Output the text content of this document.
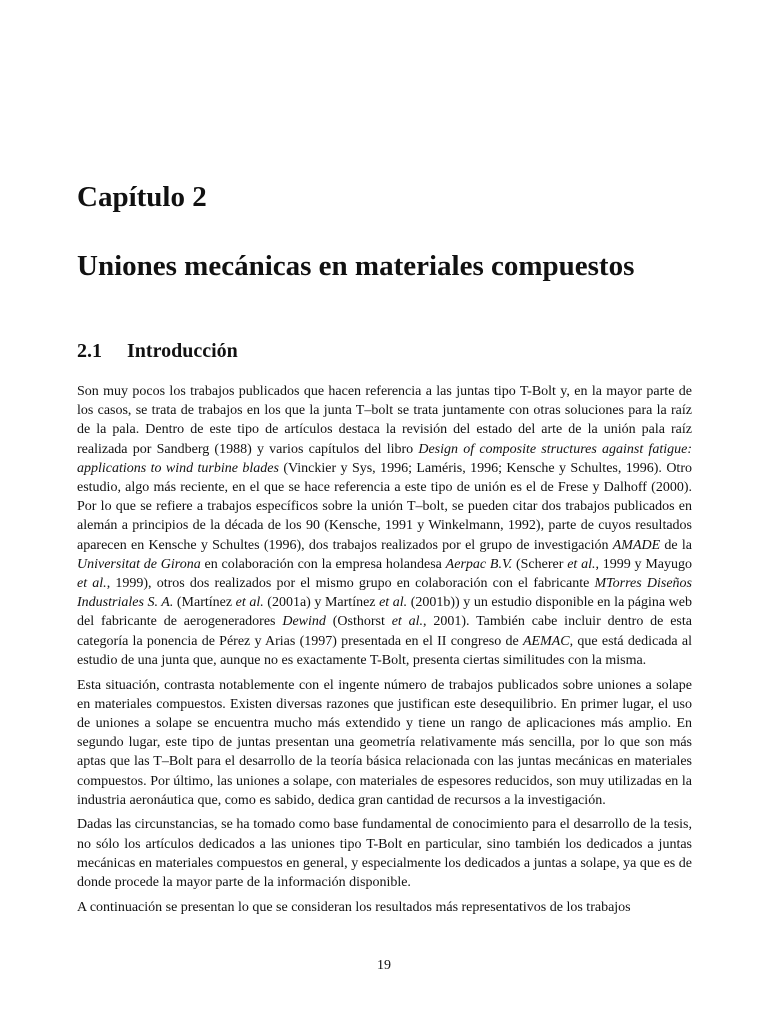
Capítulo 2
Uniones mecánicas en materiales compuestos
2.1 Introducción

Son muy pocos los trabajos publicados que hacen referencia a las juntas tipo T-Bolt y, en la mayor parte de los casos, se trata de trabajos en los que la junta T–bolt se trata juntamente con otras soluciones para la raíz de la pala. Dentro de este tipo de artículos destaca la revisión del estado del arte de la unión pala raíz realizada por Sandberg (1988) y varios capítulos del libro Design of composite structures against fatigue: applications to wind turbine blades (Vinckier y Sys, 1996; Laméris, 1996; Kensche y Schultes, 1996). Otro estudio, algo más reciente, en el que se hace referencia a este tipo de unión es el de Frese y Dalhoff (2000). Por lo que se refiere a trabajos específicos sobre la unión T–bolt, se pueden citar dos trabajos publicados en alemán a principios de la década de los 90 (Kensche, 1991 y Winkelmann, 1992), parte de cuyos resultados aparecen en Kensche y Schultes (1996), dos trabajos realizados por el grupo de investigación AMADE de la Universitat de Girona en colaboración con la empresa holandesa Aerpac B.V. (Scherer et al., 1999 y Mayugo et al., 1999), otros dos realizados por el mismo grupo en colaboración con el fabricante MTorres Diseños Industriales S. A. (Martínez et al. (2001a) y Martínez et al. (2001b)) y un estudio disponible en la página web del fabricante de aerogeneradores Dewind (Osthorst et al., 2001). También cabe incluir dentro de esta categoría la ponencia de Pérez y Arias (1997) presentada en el II congreso de AEMAC, que está dedicada al estudio de una junta que, aunque no es exactamente T-Bolt, presenta ciertas similitudes con la misma.

Esta situación, contrasta notablemente con el ingente número de trabajos publicados sobre uniones a solape en materiales compuestos. Existen diversas razones que justifican este desequilibrio. En primer lugar, el uso de uniones a solape se encuentra mucho más extendido y tiene un rango de aplicaciones más amplio. En segundo lugar, este tipo de juntas presentan una geometría relativamente más sencilla, por lo que son más aptas que las T–Bolt para el desarrollo de la teoría básica relacionada con las juntas mecánicas en materiales compuestos. Por último, las uniones a solape, con materiales de espesores reducidos, son muy utilizadas en la industria aeronáutica que, como es sabido, dedica gran cantidad de recursos a la investigación.

Dadas las circunstancias, se ha tomado como base fundamental de conocimiento para el desarrollo de la tesis, no sólo los artículos dedicados a las uniones tipo T-Bolt en particular, sino también los dedicados a juntas mecánicas en materiales compuestos en general, y especialmente los dedicados a juntas a solape, ya que es de donde procede la mayor parte de la información disponible.

A continuación se presentan lo que se consideran los resultados más representativos de los trabajos

19
